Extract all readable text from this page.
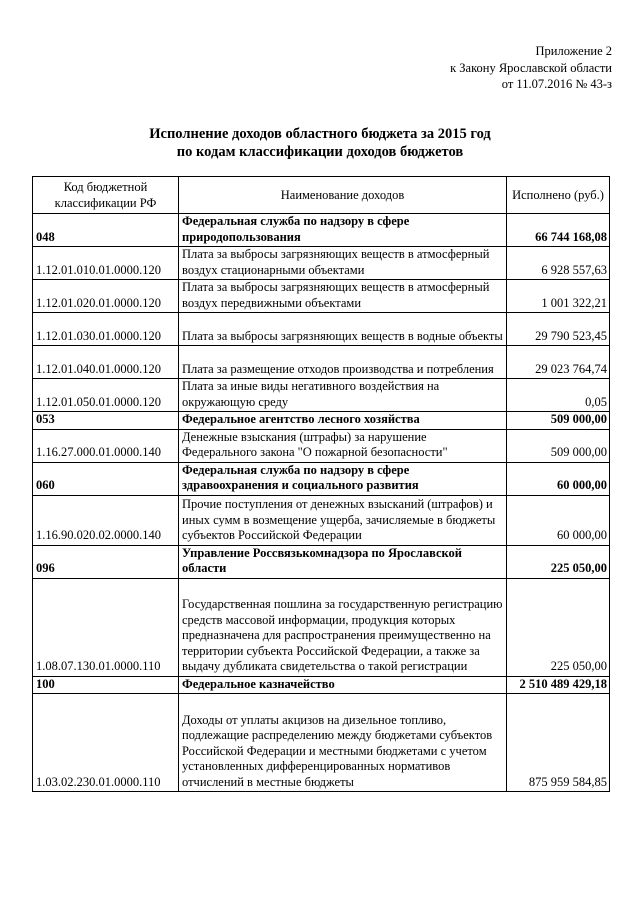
Приложение 2
к Закону Ярославской области
от 11.07.2016 № 43-з
Исполнение доходов областного бюджета за 2015 год
по кодам классификации доходов бюджетов
Код бюджетной классификации РФ	Наименование доходов	Исполнено (руб.)
048	Федеральная служба по надзору в сфере природопользования	66 744 168,08
1.12.01.010.01.0000.120	Плата за выбросы загрязняющих веществ в атмосферный воздух стационарными объектами	6 928 557,63
1.12.01.020.01.0000.120	Плата за выбросы загрязняющих веществ в атмосферный воздух передвижными объектами	1 001 322,21
1.12.01.030.01.0000.120	Плата за выбросы загрязняющих веществ в водные объекты	29 790 523,45
1.12.01.040.01.0000.120	Плата за размещение отходов производства и потребления	29 023 764,74
1.12.01.050.01.0000.120	Плата за иные виды негативного воздействия на окружающую среду	0,05
053	Федеральное агентство лесного хозяйства	509 000,00
1.16.27.000.01.0000.140	Денежные взыскания (штрафы) за нарушение Федерального закона "О пожарной безопасности"	509 000,00
060	Федеральная служба по надзору в сфере здравоохранения и социального развития	60 000,00
1.16.90.020.02.0000.140	Прочие поступления от денежных взысканий (штрафов) и иных сумм в возмещение ущерба, зачисляемые в бюджеты субъектов Российской Федерации	60 000,00
096	Управление Россвязькомнадзора по Ярославской области	225 050,00
1.08.07.130.01.0000.110	Государственная пошлина за государственную регистрацию средств массовой информации, продукция которых предназначена для распространения преимущественно на территории субъекта Российской Федерации, а также за выдачу дубликата свидетельства о такой регистрации	225 050,00
100	Федеральное казначейство	2 510 489 429,18
1.03.02.230.01.0000.110	Доходы от уплаты акцизов на дизельное топливо, подлежащие распределению между бюджетами субъектов Российской Федерации и местными бюджетами с учетом установленных дифференцированных нормативов отчислений в местные бюджеты	875 959 584,85
